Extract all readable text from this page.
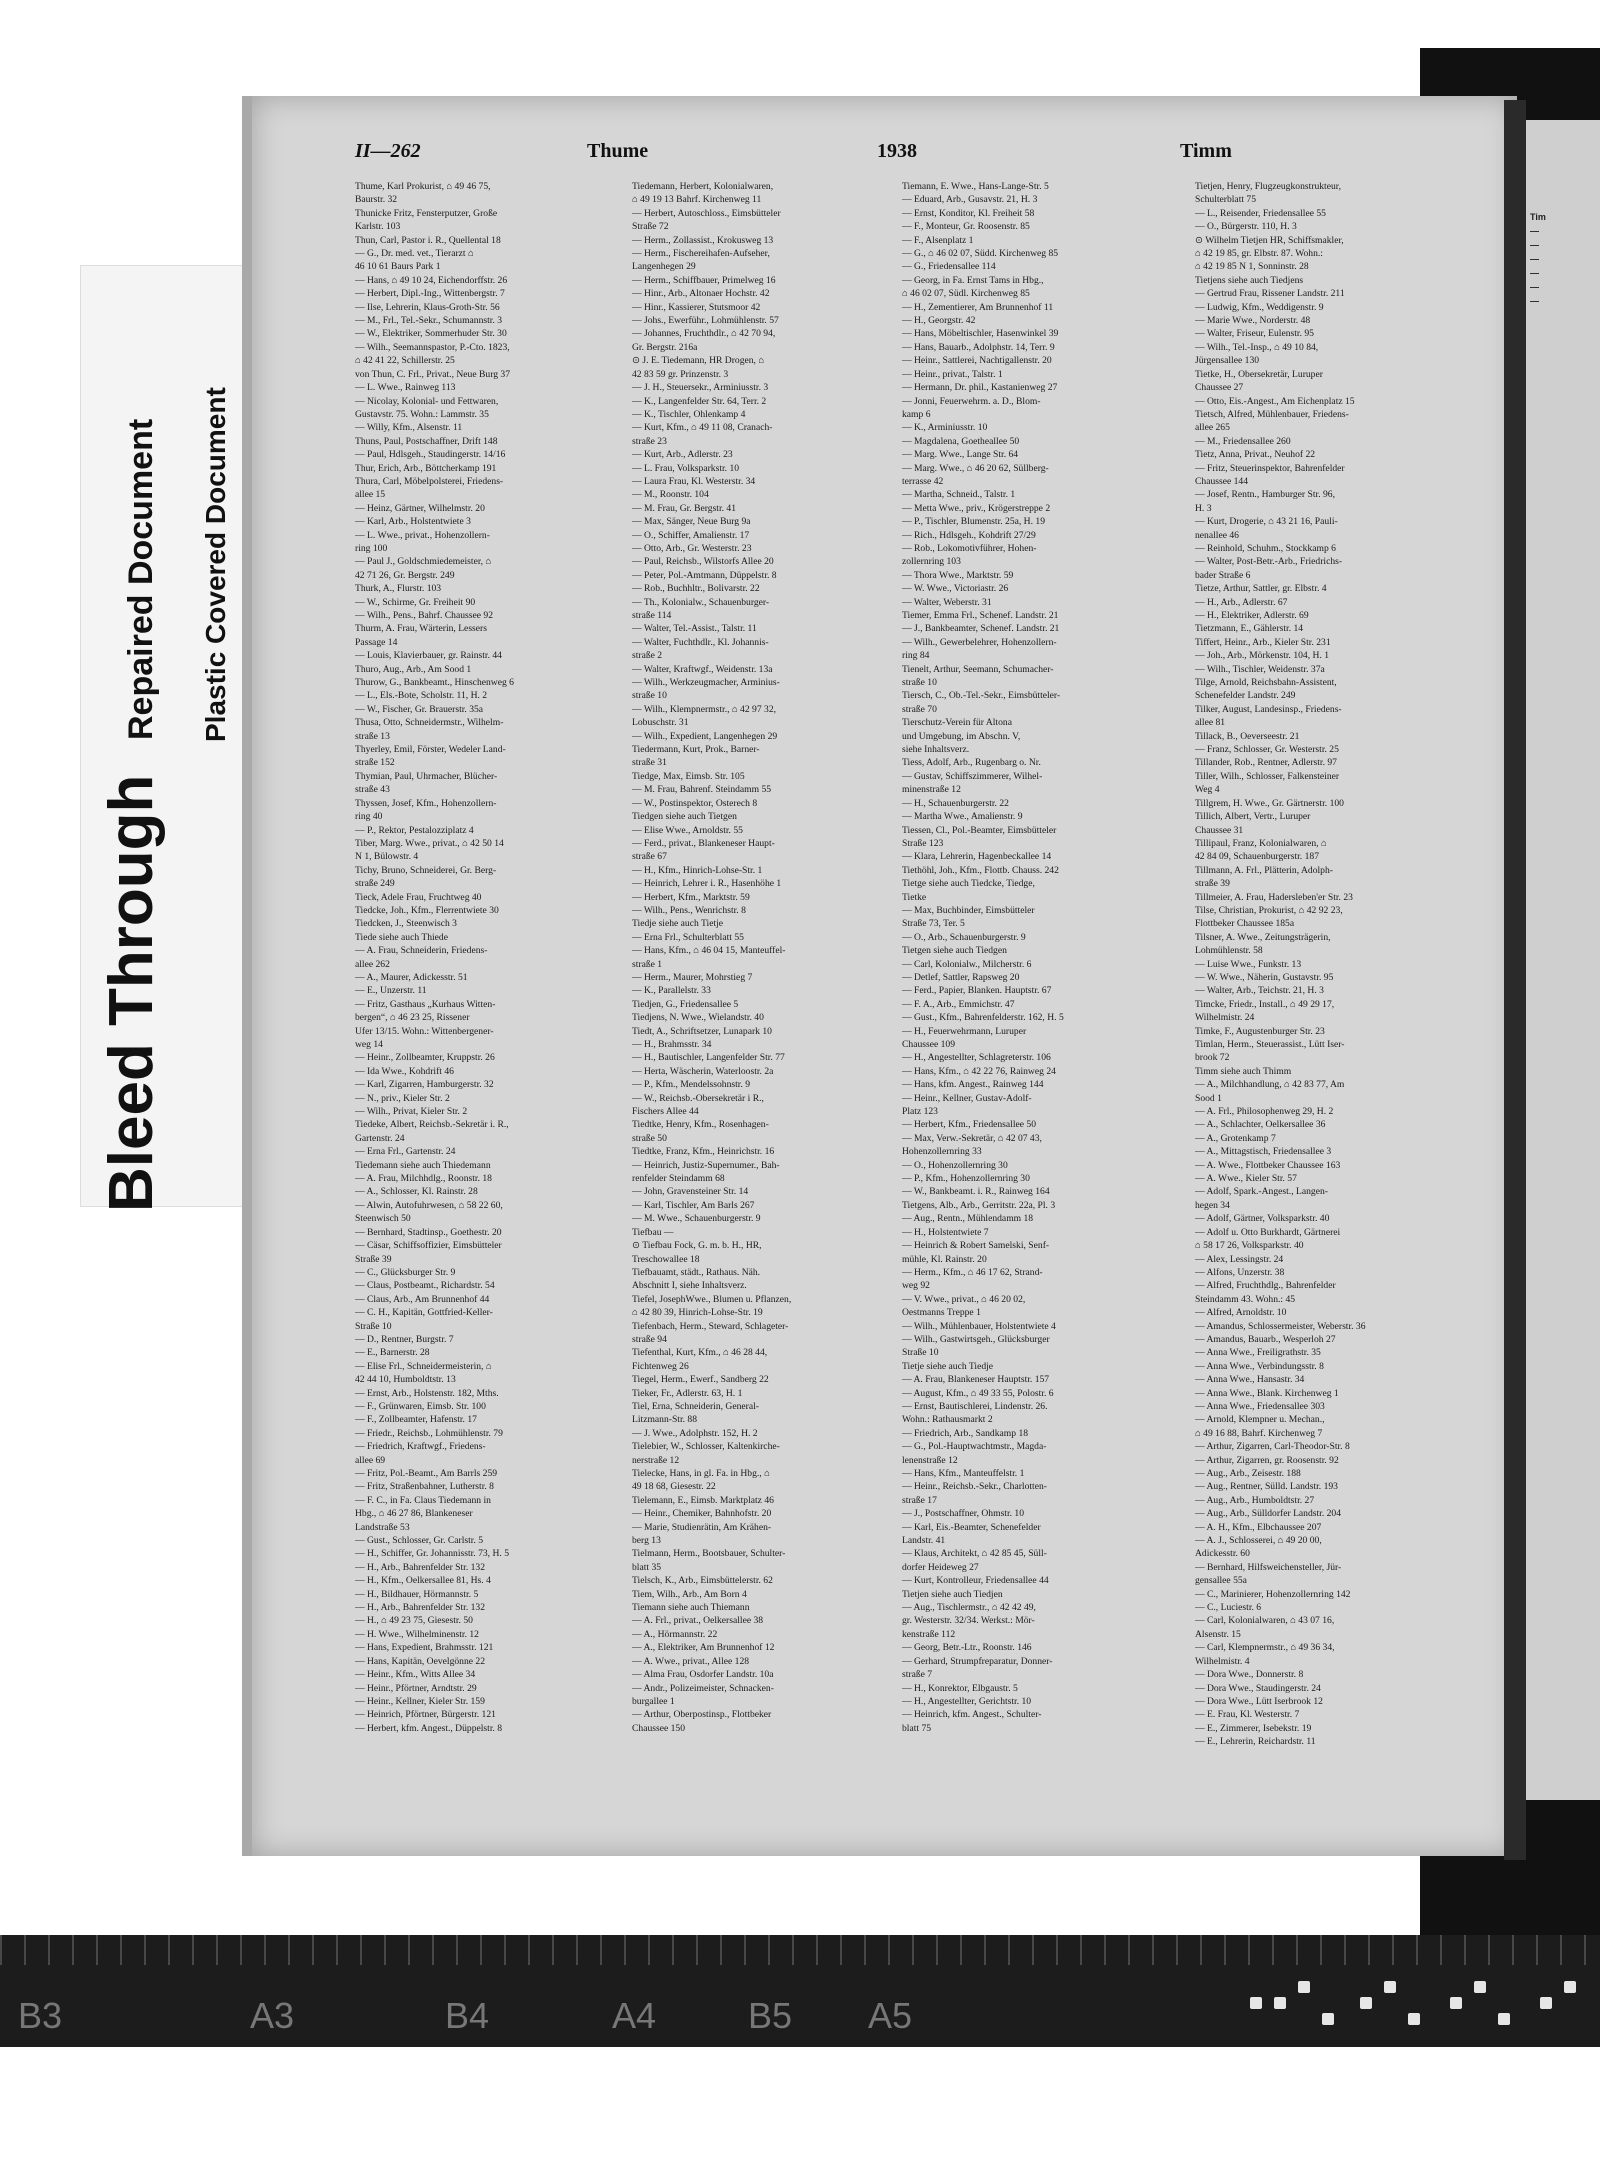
Bleed Through
Repaired Document Plastic Covered Document
Tim
—
—
—
—
—
—
II—262	Thume	1938	Timm
Thume, Karl Prokurist, ⌂ 49 46 75,
Baurstr. 32
Thunicke Fritz, Fensterputzer, Große
Karlstr. 103
Thun, Carl, Pastor i. R., Quellental 18
— G., Dr. med. vet., Tierarzt ⌂
46 10 61 Baurs Park 1
— Hans, ⌂ 49 10 24, Eichendorffstr. 26
— Herbert, Dipl.-Ing., Wittenbergstr. 7
— Ilse, Lehrerin, Klaus-Groth-Str. 56
— M., Frl., Tel.-Sekr., Schumannstr. 3
— W., Elektriker, Sommerhuder Str. 30
— Wilh., Seemannspastor, P.-Cto. 1823,
⌂ 42 41 22, Schillerstr. 25
von Thun, C. Frl., Privat., Neue Burg 37
— L. Wwe., Rainweg 113
— Nicolay, Kolonial- und Fettwaren,
Gustavstr. 75. Wohn.: Lammstr. 35
— Willy, Kfm., Alsenstr. 11
Thuns, Paul, Postschaffner, Drift 148
— Paul, Hdlsgeh., Staudingerstr. 14/16
Thur, Erich, Arb., Böttcherkamp 191
Thura, Carl, Möbelpolsterei, Friedens-
allee 15
— Heinz, Gärtner, Wilhelmstr. 20
— Karl, Arb., Holstentwiete 3
— L. Wwe., privat., Hohenzollern-
ring 100
— Paul J., Goldschmiedemeister, ⌂
42 71 26, Gr. Bergstr. 249
Thurk, A., Flurstr. 103
— W., Schirme, Gr. Freiheit 90
— Wilh., Pens., Bahrf. Chaussee 92
Thurm, A. Frau, Wärterin, Lessers
Passage 14
— Louis, Klavierbauer, gr. Rainstr. 44
Thuro, Aug., Arb., Am Sood 1
Thurow, G., Bankbeamt., Hinschenweg 6
— L., Els.-Bote, Scholstr. 11, H. 2
— W., Fischer, Gr. Brauerstr. 35a
Thusa, Otto, Schneidermstr., Wilhelm-
straße 13
Thyerley, Emil, Förster, Wedeler Land-
straße 152
Thymian, Paul, Uhrmacher, Blücher-
straße 43
Thyssen, Josef, Kfm., Hohenzollern-
ring 40
— P., Rektor, Pestalozziplatz 4
Tiber, Marg. Wwe., privat., ⌂ 42 50 14
N 1, Bülowstr. 4
Tichy, Bruno, Schneiderei, Gr. Berg-
straße 249
Tieck, Adele Frau, Fruchtweg 40
Tiedcke, Joh., Kfm., Flerrentwiete 30
Tiedcken, J., Steenwisch 3
Tiede siehe auch Thiede
— A. Frau, Schneiderin, Friedens-
allee 262
— A., Maurer, Adickesstr. 51
— E., Unzerstr. 11
— Fritz, Gasthaus „Kurhaus Witten-
bergen“, ⌂ 46 23 25, Rissener
Ufer 13/15. Wohn.: Wittenbergener-
weg 14
— Heinr., Zollbeamter, Kruppstr. 26
— Ida Wwe., Kohdrift 46
— Karl, Zigarren, Hamburgerstr. 32
— N., priv., Kieler Str. 2
— Wilh., Privat, Kieler Str. 2
Tiedeke, Albert, Reichsb.-Sekretär i. R.,
Gartenstr. 24
— Erna Frl., Gartenstr. 24
Tiedemann siehe auch Thiedemann
— A. Frau, Milchhdlg., Roonstr. 18
— A., Schlosser, Kl. Rainstr. 28
— Alwin, Autofuhrwesen, ⌂ 58 22 60,
Steenwisch 50
— Bernhard, Stadtinsp., Goethestr. 20
— Cäsar, Schiffsoffizier, Eimsbütteler
Straße 39
— C., Glücksburger Str. 9
— Claus, Postbeamt., Richardstr. 54
— Claus, Arb., Am Brunnenhof 44
— C. H., Kapitän, Gottfried-Keller-
Straße 10
— D., Rentner, Burgstr. 7
— E., Barnerstr. 28
— Elise Frl., Schneidermeisterin, ⌂
42 44 10, Humboldtstr. 13
— Ernst, Arb., Holstenstr. 182, Mths.
— F., Grünwaren, Eimsb. Str. 100
— F., Zollbeamter, Hafenstr. 17
— Friedr., Reichsb., Lohmühlenstr. 79
— Friedrich, Kraftwgf., Friedens-
allee 69
— Fritz, Pol.-Beamt., Am Barrls 259
— Fritz, Straßenbahner, Lutherstr. 8
— F. C., in Fa. Claus Tiedemann in
Hbg., ⌂ 46 27 86, Blankeneser
Landstraße 53
— Gust., Schlosser, Gr. Carlstr. 5
— H., Schiffer, Gr. Johannisstr. 73, H. 5
— H., Arb., Bahrenfelder Str. 132
— H., Kfm., Oelkersallee 81, Hs. 4
— H., Bildhauer, Hörmannstr. 5
— H., Arb., Bahrenfelder Str. 132
— H., ⌂ 49 23 75, Giesestr. 50
— H. Wwe., Wilhelminenstr. 12
— Hans, Expedient, Brahmsstr. 121
— Hans, Kapitän, Oevelgönne 22
— Heinr., Kfm., Witts Allee 34
— Heinr., Pförtner, Arndtstr. 29
— Heinr., Kellner, Kieler Str. 159
— Heinrich, Pförtner, Bürgerstr. 121
— Herbert, kfm. Angest., Düppelstr. 8
Tiedemann, Herbert, Kolonialwaren,
⌂ 49 19 13 Bahrf. Kirchenweg 11
— Herbert, Autoschloss., Eimsbütteler
Straße 72
— Herm., Zollassist., Krokusweg 13
— Herm., Fischereihafen-Aufseher,
Langenhegen 29
— Herm., Schiffbauer, Primelweg 16
— Hinr., Arb., Altonaer Hochstr. 42
— Hinr., Kassierer, Stutsmoor 42
— Johs., Ewerführ., Lohmühlenstr. 57
— Johannes, Fruchthdlr., ⌂ 42 70 94,
Gr. Bergstr. 216a
⊙ J. E. Tiedemann, HR Drogen, ⌂
42 83 59 gr. Prinzenstr. 3
— J. H., Steuersekr., Arminiusstr. 3
— K., Langenfelder Str. 64, Terr. 2
— K., Tischler, Ohlenkamp 4
— Kurt, Kfm., ⌂ 49 11 08, Cranach-
straße 23
— Kurt, Arb., Adlerstr. 23
— L. Frau, Volksparkstr. 10
— Laura Frau, Kl. Westerstr. 34
— M., Roonstr. 104
— M. Frau, Gr. Bergstr. 41
— Max, Sänger, Neue Burg 9a
— O., Schiffer, Amalienstr. 17
— Otto, Arb., Gr. Westerstr. 23
— Paul, Reichsb., Wilstorfs Allee 20
— Peter, Pol.-Amtmann, Düppelstr. 8
— Rob., Buchhltr., Bolivarstr. 22
— Th., Kolonialw., Schauenburger-
straße 114
— Walter, Tel.-Assist., Talstr. 11
— Walter, Fuchthdlr., Kl. Johannis-
straße 2
— Walter, Kraftwgf., Weidenstr. 13a
— Wilh., Werkzeugmacher, Arminius-
straße 10
— Wilh., Klempnermstr., ⌂ 42 97 32,
Lobuschstr. 31
— Wilh., Expedient, Langenhegen 29
Tiedermann, Kurt, Prok., Barner-
straße 31
Tiedge, Max, Eimsb. Str. 105
— M. Frau, Bahrenf. Steindamm 55
— W., Postinspektor, Osterech 8
Tiedgen siehe auch Tietgen
— Elise Wwe., Arnoldstr. 55
— Ferd., privat., Blankeneser Haupt-
straße 67
— H., Kfm., Hinrich-Lohse-Str. 1
— Heinrich, Lehrer i. R., Hasenhöhe 1
— Herbert, Kfm., Marktstr. 59
— Wilh., Pens., Wenrichstr. 8
Tiedje siehe auch Tietje
— Erna Frl., Schulterblatt 55
— Hans, Kfm., ⌂ 46 04 15, Manteuffel-
straße 1
— Herm., Maurer, Mohrstieg 7
— K., Parallelstr. 33
Tiedjen, G., Friedensallee 5
Tiedjens, N. Wwe., Wielandstr. 40
Tiedt, A., Schriftsetzer, Lunapark 10
— H., Brahmsstr. 34
— H., Bautischler, Langenfelder Str. 77
— Herta, Wäscherin, Waterloostr. 2a
— P., Kfm., Mendelssohnstr. 9
— W., Reichsb.-Obersekretär i R.,
Fischers Allee 44
Tiedtke, Henry, Kfm., Rosenhagen-
straße 50
Tiedtke, Franz, Kfm., Heinrichstr. 16
— Heinrich, Justiz-Supernumer., Bah-
renfelder Steindamm 68
— John, Gravensteiner Str. 14
— Karl, Tischler, Am Barls 267
— M. Wwe., Schauenburgerstr. 9
Tiefbau —
⊙ Tiefbau Fock, G. m. b. H., HR,
Treschowallee 18
Tiefbauamt, städt., Rathaus. Näh.
Abschnitt I, siehe Inhaltsverz.
Tiefel, JosephWwe., Blumen u. Pflanzen,
⌂ 42 80 39, Hinrich-Lohse-Str. 19
Tiefenbach, Herm., Steward, Schlageter-
straße 94
Tiefenthal, Kurt, Kfm., ⌂ 46 28 44,
Fichtenweg 26
Tiegel, Herm., Ewerf., Sandberg 22
Tieker, Fr., Adlerstr. 63, H. 1
Tiel, Erna, Schneiderin, General-
Litzmann-Str. 88
— J. Wwe., Adolphstr. 152, H. 2
Tielebier, W., Schlosser, Kaltenkirche-
nerstraße 12
Tielecke, Hans, in gl. Fa. in Hbg., ⌂
49 18 68, Giesestr. 22
Tielemann, E., Eimsb. Marktplatz 46
— Heinr., Chemiker, Bahnhofstr. 20
— Marie, Studienrätin, Am Krähen-
berg 13
Tielmann, Herm., Bootsbauer, Schulter-
blatt 35
Tielsch, K., Arb., Eimsbüttelerstr. 62
Tiem, Wilh., Arb., Am Born 4
Tiemann siehe auch Thiemann
— A. Frl., privat., Oelkersallee 38
— A., Hörmannstr. 22
— A., Elektriker, Am Brunnenhof 12
— A. Wwe., privat., Allee 128
— Alma Frau, Osdorfer Landstr. 10a
— Andr., Polizeimeister, Schnacken-
burgallee 1
— Arthur, Oberpostinsp., Flottbeker
Chaussee 150
Tiemann, E. Wwe., Hans-Lange-Str. 5
— Eduard, Arb., Gusavstr. 21, H. 3
— Ernst, Konditor, Kl. Freiheit 58
— F., Monteur, Gr. Roosenstr. 85
— F., Alsenplatz 1
— G., ⌂ 46 02 07, Südd. Kirchenweg 85
— G., Friedensallee 114
— Georg, in Fa. Ernst Tams in Hbg.,
⌂ 46 02 07, Südl. Kirchenweg 85
— H., Zementierer, Am Brunnenhof 11
— H., Georgstr. 42
— Hans, Möbeltischler, Hasenwinkel 39
— Hans, Bauarb., Adolphstr. 14, Terr. 9
— Heinr., Sattlerei, Nachtigallenstr. 20
— Heinr., privat., Talstr. 1
— Hermann, Dr. phil., Kastanienweg 27
— Jonni, Feuerwehrm. a. D., Blom-
kamp 6
— K., Arminiusstr. 10
— Magdalena, Goetheallee 50
— Marg. Wwe., Lange Str. 64
— Marg. Wwe., ⌂ 46 20 62, Süllberg-
terrasse 42
— Martha, Schneid., Talstr. 1
— Metta Wwe., priv., Krögerstreppe 2
— P., Tischler, Blumenstr. 25a, H. 19
— Rich., Hdlsgeh., Kohdrift 27/29
— Rob., Lokomotivführer, Hohen-
zollernring 103
— Thora Wwe., Marktstr. 59
— W. Wwe., Victoriastr. 26
— Walter, Weberstr. 31
Tiemer, Emma Frl., Schenef. Landstr. 21
— J., Bankbeamter, Schenef. Landstr. 21
— Wilh., Gewerbelehrer, Hohenzollern-
ring 84
Tienelt, Arthur, Seemann, Schumacher-
straße 10
Tiersch, C., Ob.-Tel.-Sekr., Eimsbütteler-
straße 70
Tierschutz-Verein für Altona
und Umgebung, im Abschn. V,
siehe Inhaltsverz.
Tiess, Adolf, Arb., Rugenbarg o. Nr.
— Gustav, Schiffszimmerer, Wilhel-
minenstraße 12
— H., Schauenburgerstr. 22
— Martha Wwe., Amalienstr. 9
Tiessen, Cl., Pol.-Beamter, Eimsbütteler
Straße 123
— Klara, Lehrerin, Hagenbeckallee 14
Tiethöhl, Joh., Kfm., Flottb. Chauss. 242
Tietge siehe auch Tiedcke, Tiedge,
Tietke
— Max, Buchbinder, Eimsbütteler
Straße 73, Ter. 5
— O., Arb., Schauenburgerstr. 9
Tietgen siehe auch Tiedgen
— Carl, Kolonialw., Milcherstr. 6
— Detlef, Sattler, Rapsweg 20
— Ferd., Papier, Blanken. Hauptstr. 67
— F. A., Arb., Emmichstr. 47
— Gust., Kfm., Bahrenfelderstr. 162, H. 5
— H., Feuerwehrmann, Luruper
Chaussee 109
— H., Angestellter, Schlagreterstr. 106
— Hans, Kfm., ⌂ 42 22 76, Rainweg 24
— Hans, kfm. Angest., Rainweg 144
— Heinr., Kellner, Gustav-Adolf-
Platz 123
— Herbert, Kfm., Friedensallee 50
— Max, Verw.-Sekretär, ⌂ 42 07 43,
Hohenzollernring 33
— O., Hohenzollernring 30
— P., Kfm., Hohenzollernring 30
— W., Bankbeamt. i. R., Rainweg 164
Tietgens, Alb., Arb., Gerritstr. 22a, Pl. 3
— Aug., Rentn., Mühlendamm 18
— H., Holstentwiete 7
— Heinrich & Robert Samelski, Senf-
mühle, Kl. Rainstr. 20
— Herm., Kfm., ⌂ 46 17 62, Strand-
weg 92
— V. Wwe., privat., ⌂ 46 20 02,
Oestmanns Treppe 1
— Wilh., Mühlenbauer, Holstentwiete 4
— Wilh., Gastwirtsgeh., Glücksburger
Straße 10
Tietje siehe auch Tiedje
— A. Frau, Blankeneser Hauptstr. 157
— August, Kfm., ⌂ 49 33 55, Polostr. 6
— Ernst, Bautischlerei, Lindenstr. 26.
Wohn.: Rathausmarkt 2
— Friedrich, Arb., Sandkamp 18
— G., Pol.-Hauptwachtmstr., Magda-
lenenstraße 12
— Hans, Kfm., Manteuffelstr. 1
— Heinr., Reichsb.-Sekr., Charlotten-
straße 17
— J., Postschaffner, Ohmstr. 10
— Karl, Eis.-Beamter, Schenefelder
Landstr. 41
— Klaus, Architekt, ⌂ 42 85 45, Süll-
dorfer Heideweg 27
— Kurt, Kontrolleur, Friedensallee 44
Tietjen siehe auch Tiedjen
— Aug., Tischlermstr., ⌂ 42 42 49,
gr. Westerstr. 32/34. Werkst.: Mör-
kenstraße 112
— Georg, Betr.-Ltr., Roonstr. 146
— Gerhard, Strumpfreparatur, Donner-
straße 7
— H., Konrektor, Elbgaustr. 5
— H., Angestellter, Gerichtstr. 10
— Heinrich, kfm. Angest., Schulter-
blatt 75
Tietjen, Henry, Flugzeugkonstrukteur,
Schulterblatt 75
— L., Reisender, Friedensallee 55
— O., Bürgerstr. 110, H. 3
⊙ Wilhelm Tietjen HR, Schiffsmakler,
⌂ 42 19 85, gr. Elbstr. 87. Wohn.:
⌂ 42 19 85 N 1, Sonninstr. 28
Tietjens siehe auch Tiedjens
— Gertrud Frau, Rissener Landstr. 211
— Ludwig, Kfm., Weddigenstr. 9
— Marie Wwe., Norderstr. 48
— Walter, Friseur, Eulenstr. 95
— Wilh., Tel.-Insp., ⌂ 49 10 84,
Jürgensallee 130
Tietke, H., Obersekretär, Luruper
Chaussee 27
— Otto, Eis.-Angest., Am Eichenplatz 15
Tietsch, Alfred, Mühlenbauer, Friedens-
allee 265
— M., Friedensallee 260
Tietz, Anna, Privat., Neuhof 22
— Fritz, Steuerinspektor, Bahrenfelder
Chaussee 144
— Josef, Rentn., Hamburger Str. 96,
H. 3
— Kurt, Drogerie, ⌂ 43 21 16, Pauli-
nenallee 46
— Reinhold, Schuhm., Stockkamp 6
— Walter, Post-Betr.-Arb., Friedrichs-
bader Straße 6
Tietze, Arthur, Sattler, gr. Elbstr. 4
— H., Arb., Adlerstr. 67
— H., Elektriker, Adlerstr. 69
Tietzmann, E., Gählerstr. 14
Tiffert, Heinr., Arb., Kieler Str. 231
— Joh., Arb., Mörkenstr. 104, H. 1
— Wilh., Tischler, Weidenstr. 37a
Tilge, Arnold, Reichsbahn-Assistent,
Schenefelder Landstr. 249
Tilker, August, Landesinsp., Friedens-
allee 81
Tillack, B., Oeverseestr. 21
— Franz, Schlosser, Gr. Westerstr. 25
Tillander, Rob., Rentner, Adlerstr. 97
Tiller, Wilh., Schlosser, Falkensteiner
Weg 4
Tillgrem, H. Wwe., Gr. Gärtnerstr. 100
Tillich, Albert, Vertr., Luruper
Chaussee 31
Tillipaul, Franz, Kolonialwaren, ⌂
42 84 09, Schauenburgerstr. 187
Tillmann, A. Frl., Plätterin, Adolph-
straße 39
Tillmeier, A. Frau, Hadersleben'er Str. 23
Tilse, Christian, Prokurist, ⌂ 42 92 23,
Flottbeker Chaussee 185a
Tilsner, A. Wwe., Zeitungsträgerin,
Lohmühlenstr. 58
— Luise Wwe., Funkstr. 13
— W. Wwe., Näherin, Gustavstr. 95
— Walter, Arb., Teichstr. 21, H. 3
Timcke, Friedr., Install., ⌂ 49 29 17,
Wilhelmistr. 24
Timke, F., Augustenburger Str. 23
Timlan, Herm., Steuerassist., Lütt Iser-
brook 72
Timm siehe auch Thimm
— A., Milchhandlung, ⌂ 42 83 77, Am
Sood 1
— A. Frl., Philosophenweg 29, H. 2
— A., Schlachter, Oelkersallee 36
— A., Grotenkamp 7
— A., Mittagstisch, Friedensallee 3
— A. Wwe., Flottbeker Chaussee 163
— A. Wwe., Kieler Str. 57
— Adolf, Spark.-Angest., Langen-
hegen 34
— Adolf, Gärtner, Volksparkstr. 40
— Adolf u. Otto Burkhardt, Gärtnerei
⌂ 58 17 26, Volksparkstr. 40
— Alex, Lessingstr. 24
— Alfons, Unzerstr. 38
— Alfred, Fruchthdlg., Bahrenfelder
Steindamm 43. Wohn.: 45
— Alfred, Arnoldstr. 10
— Amandus, Schlossermeister, Weberstr. 36
— Amandus, Bauarb., Wesperloh 27
— Anna Wwe., Freiligrathstr. 35
— Anna Wwe., Verbindungsstr. 8
— Anna Wwe., Hansastr. 34
— Anna Wwe., Blank. Kirchenweg 1
— Anna Wwe., Friedensallee 303
— Arnold, Klempner u. Mechan.,
⌂ 49 16 88, Bahrf. Kirchenweg 7
— Arthur, Zigarren, Carl-Theodor-Str. 8
— Arthur, Zigarren, gr. Roosenstr. 92
— Aug., Arb., Zeisestr. 188
— Aug., Rentner, Sülld. Landstr. 193
— Aug., Arb., Humboldtstr. 27
— Aug., Arb., Sülldorfer Landstr. 204
— A. H., Kfm., Elbchaussee 207
— A. J., Schlosserei, ⌂ 49 20 00,
Adickesstr. 60
— Bernhard, Hilfsweichensteller, Jür-
gensallee 55a
— C., Marinierer, Hohenzollernring 142
— C., Luciestr. 6
— Carl, Kolonialwaren, ⌂ 43 07 16,
Alsenstr. 15
— Carl, Klempnermstr., ⌂ 49 36 34,
Wilhelmistr. 4
— Dora Wwe., Donnerstr. 8
— Dora Wwe., Staudingerstr. 24
— Dora Wwe., Lütt Iserbrook 12
— E. Frau, Kl. Westerstr. 7
— E., Zimmerer, Isebekstr. 19
— E., Lehrerin, Reichardstr. 11
B3	A3	B4	A4	B5 A5
